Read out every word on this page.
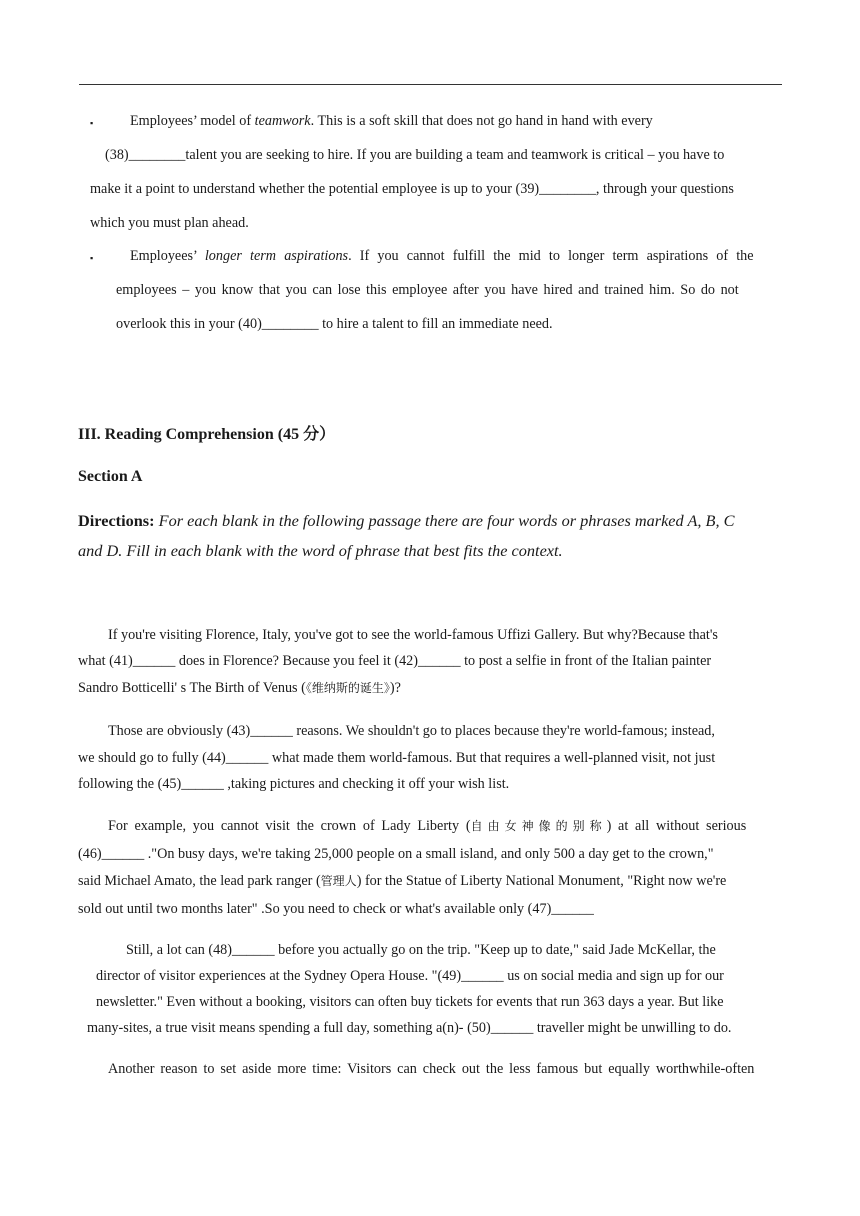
▪	Employees’ model of teamwork. This is a soft skill that does not go hand in hand with every
(38)________talent you are seeking to hire. If you are building a team and teamwork is critical – you have to
make it a point to understand whether the potential employee is up to your (39)________, through your questions
which you must plan ahead.
▪	Employees’ longer term aspirations. If you cannot fulfill the mid to longer term aspirations of the
employees – you know that you can lose this employee after you have hired and trained him. So do not
overlook this in your (40)________ to hire a talent to fill an immediate need.
III. Reading Comprehension (45 分）
Section A
Directions: For each blank in the following passage there are four words or phrases marked A, B, C
and D. Fill in each blank with the word of phrase that best fits the context.
If you're visiting Florence, Italy, you've got to see the world-famous Uffizi Gallery. But why?Because that's
what (41)______ does in Florence? Because you feel it (42)______ to post a selfie in front of the Italian painter
Sandro Botticelli' s The Birth of Venus (《维纳斯的诞生》)?
Those are obviously (43)______ reasons. We shouldn't go to places because they're world-famous; instead,
we should go to fully (44)______ what made them world-famous. But that requires a well-planned visit, not just
following the (45)______ ,taking pictures and checking it off your wish list.
For example, you cannot visit the crown of Lady Liberty (自由女神像的别称) at all without serious
(46)______ ."On busy days, we're taking 25,000 people on a small island, and only 500 a day get to the crown,"
said Michael Amato, the lead park ranger (管理人) for the Statue of Liberty National Monument, "Right now we're
sold out until two months later" .So you need to check or what's available only (47)______
Still, a lot can (48)______ before you actually go on the trip. "Keep up to date," said Jade McKellar, the
director of visitor experiences at the Sydney Opera House. "(49)______ us on social media and sign up for our
newsletter." Even without a booking, visitors can often buy tickets for events that run 363 days a year. But like
many-sites, a true visit means spending a full day, something a(n)- (50)______ traveller might be unwilling to do.
Another reason to set aside more time: Visitors can check out the less famous but equally worthwhile-often
